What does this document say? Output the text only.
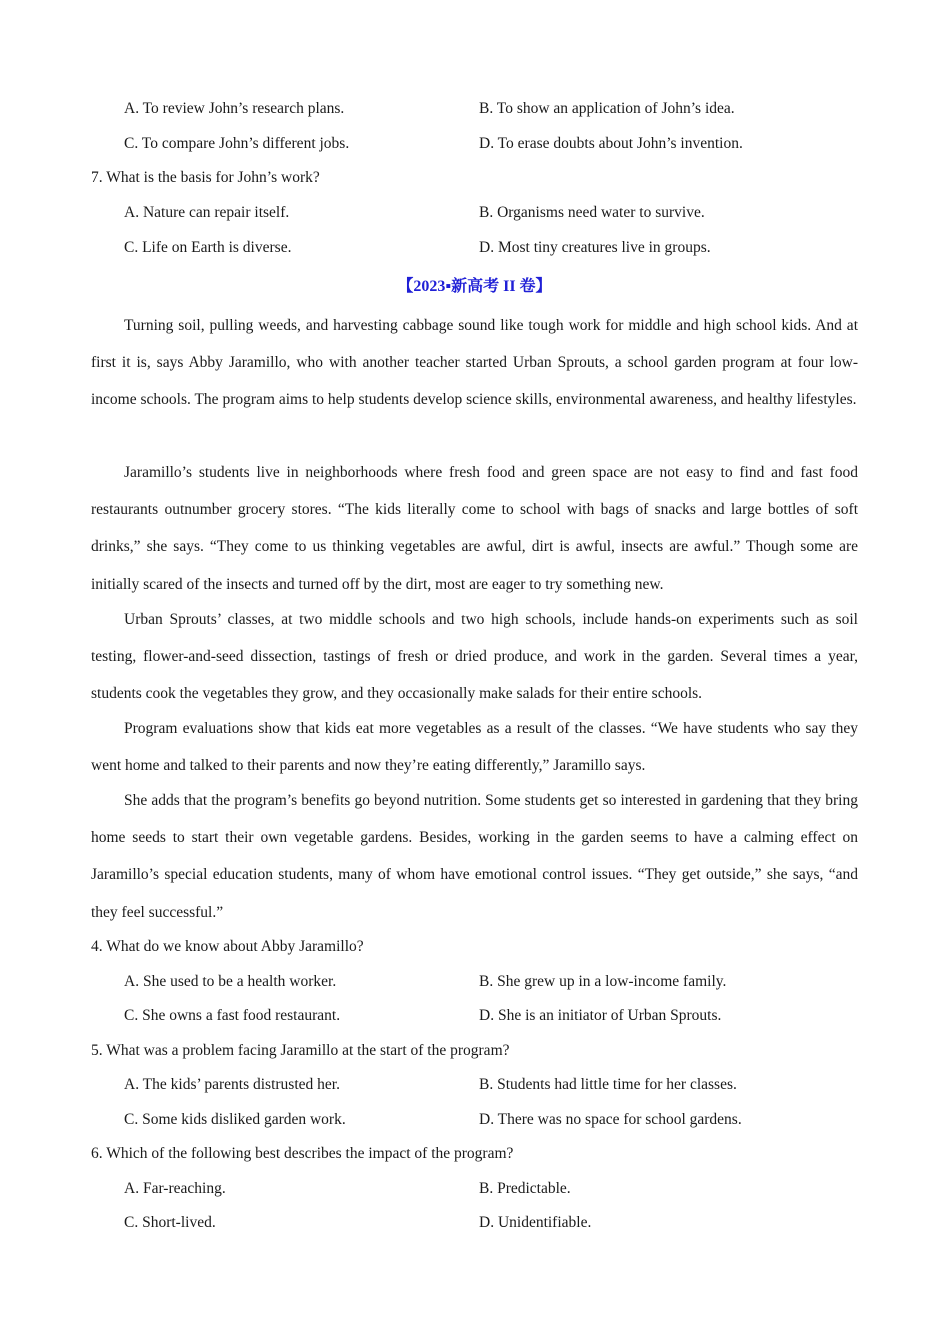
A. To review John’s research plans.	B. To show an application of John’s idea.
C. To compare John’s different jobs.	D. To erase doubts about John’s invention.
7. What is the basis for John’s work?
A. Nature can repair itself.	B. Organisms need water to survive.
C. Life on Earth is diverse.	D. Most tiny creatures live in groups.
【2023▪新高考 II 卷】

Turning soil, pulling weeds, and harvesting cabbage sound like tough work for middle and high school kids. And at first it is, says Abby Jaramillo, who with another teacher started Urban Sprouts, a school garden program at four low-income schools. The program aims to help students develop science skills, environmental awareness, and healthy lifestyles.

Jaramillo’s students live in neighborhoods where fresh food and green space are not easy to find and fast food restaurants outnumber grocery stores. “The kids literally come to school with bags of snacks and large bottles of soft drinks,” she says. “They come to us thinking vegetables are awful, dirt is awful, insects are awful.” Though some are initially scared of the insects and turned off by the dirt, most are eager to try something new.

Urban Sprouts’ classes, at two middle schools and two high schools, include hands-on experiments such as soil testing, flower-and-seed dissection, tastings of fresh or dried produce, and work in the garden. Several times a year, students cook the vegetables they grow, and they occasionally make salads for their entire schools.

Program evaluations show that kids eat more vegetables as a result of the classes. “We have students who say they went home and talked to their parents and now they’re eating differently,” Jaramillo says.

She adds that the program’s benefits go beyond nutrition. Some students get so interested in gardening that they bring home seeds to start their own vegetable gardens. Besides, working in the garden seems to have a calming effect on Jaramillo’s special education students, many of whom have emotional control issues. “They get outside,” she says, “and they feel successful.”

4. What do we know about Abby Jaramillo?
A. She used to be a health worker.	B. She grew up in a low-income family.
C. She owns a fast food restaurant.	D. She is an initiator of Urban Sprouts.
5. What was a problem facing Jaramillo at the start of the program?
A. The kids’ parents distrusted her.	B. Students had little time for her classes.
C. Some kids disliked garden work.	D. There was no space for school gardens.
6. Which of the following best describes the impact of the program?
A. Far-reaching.	B. Predictable.
C. Short-lived.	D. Unidentifiable.
